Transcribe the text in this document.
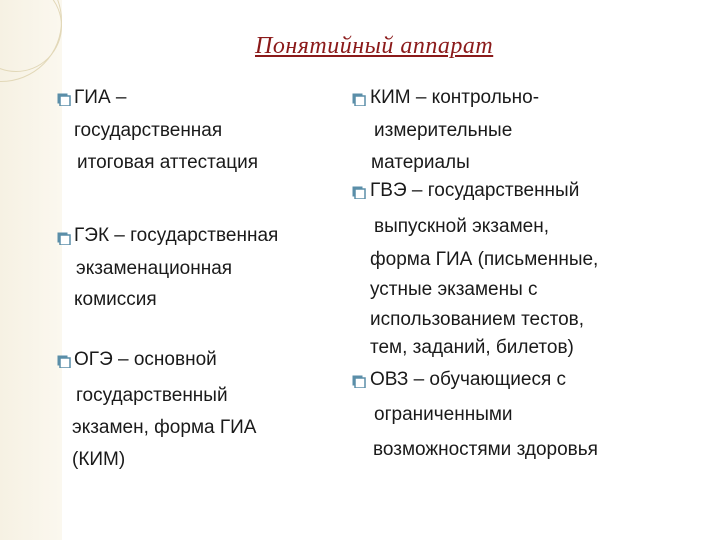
Понятийный аппарат
ГИА –
государственная
итоговая аттестация
ГЭК – государственная
экзаменационная
комиссия
ОГЭ – основной
государственный
экзамен, форма ГИА
(КИМ)
КИМ – контрольно-
измерительные
материалы
ГВЭ – государственный
выпускной экзамен,
форма ГИА (письменные,
устные экзамены с
использованием тестов,
тем, заданий, билетов)
ОВЗ – обучающиеся с
ограниченными
возможностями здоровья
